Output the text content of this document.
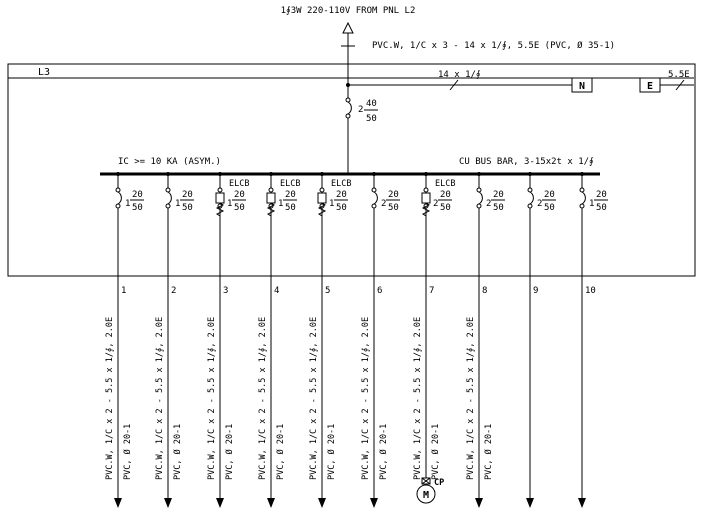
1∮3W 220-110V FROM PNL L2
PVC.W, 1/C x 3 - 14 x 1/∮, 5.5E (PVC, Ø 35-1)
L3	14 x 1/∮
N	E
5.5E
2
40
50
IC >= 10 KA (ASYM.)	CU BUS BAR, 3-15x2t x 1/∮
1
20
50
1
PVC.W, 1/C x 2 - 5.5 x 1/∮, 2.0E PVC, Ø 20-1
1
20
50
2
PVC.W, 1/C x 2 - 5.5 x 1/∮, 2.0E PVC, Ø 20-1
ELCB
1
20
50
3
PVC.W, 1/C x 2 - 5.5 x 1/∮, 2.0E PVC, Ø 20-1
ELCB
1
20
50
4
PVC.W, 1/C x 2 - 5.5 x 1/∮, 2.0E PVC, Ø 20-1
ELCB
1
20
50
5
PVC.W, 1/C x 2 - 5.5 x 1/∮, 2.0E PVC, Ø 20-1
2
20
50
6
PVC.W, 1/C x 2 - 5.5 x 1/∮, 2.0E PVC, Ø 20-1
ELCB
2
20
50
7
M
CP
PVC.W, 1/C x 2 - 5.5 x 1/∮, 2.0E PVC, Ø 20-1
2
20
50
8
PVC.W, 1/C x 2 - 5.5 x 1/∮, 2.0E PVC, Ø 20-1
2
20
50
9
1
20
50
10
